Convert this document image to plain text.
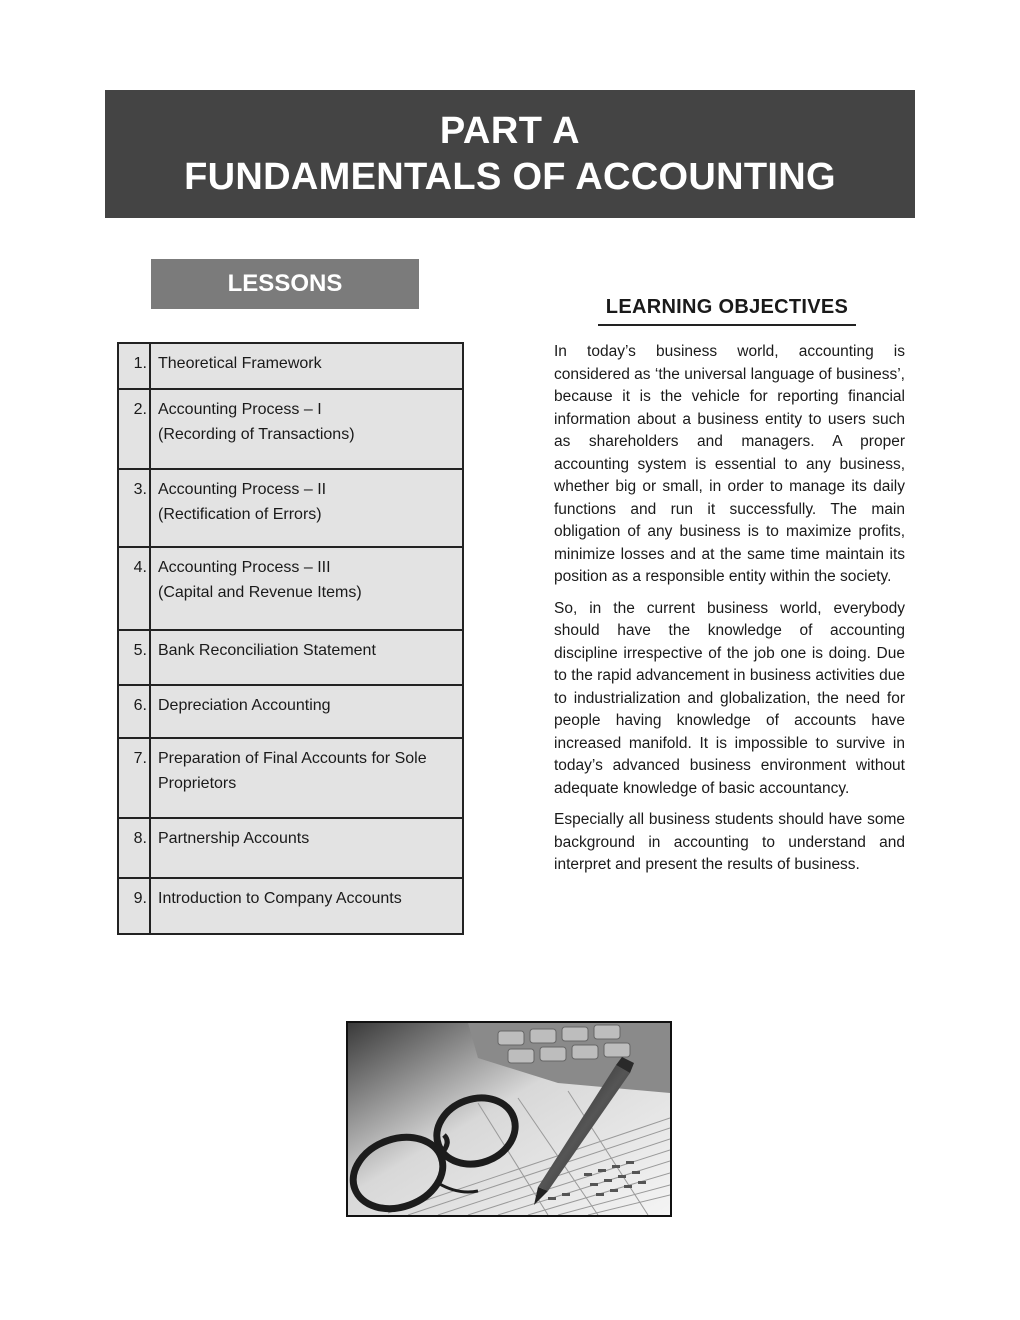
PART A
FUNDAMENTALS OF ACCOUNTING
LESSONS
1.	Theoretical Framework

2.	Accounting Process – I
(Recording of Transactions)

3.	Accounting Process – II
(Rectification of Errors)

4.	Accounting Process – III
(Capital and Revenue Items)

5.	Bank Reconciliation Statement

6.	Depreciation Accounting

7.	Preparation of Final Accounts for Sole
Proprietors

8.	Partnership Accounts

9.	Introduction to Company Accounts
LEARNING OBJECTIVES

In today’s business world, accounting is considered as ‘the universal language of business’, because it is the vehicle for reporting financial information about a business entity to users such as shareholders and managers. A proper accounting system is essential to any business, whether big or small, in order to manage its daily functions and run it successfully. The main obligation of any business is to maximize profits, minimize losses and at the same time maintain its position as a responsible entity within the society.

So, in the current business world, everybody should have the knowledge of accounting discipline irrespective of the job one is doing. Due to the rapid advancement in business activities due to industrialization and globalization, the need for people having knowledge of accounts have increased manifold. It is impossible to survive in today’s advanced business environment without adequate knowledge of basic accountancy.

Especially all business students should have some background in accounting to understand and interpret and present the results of business.
